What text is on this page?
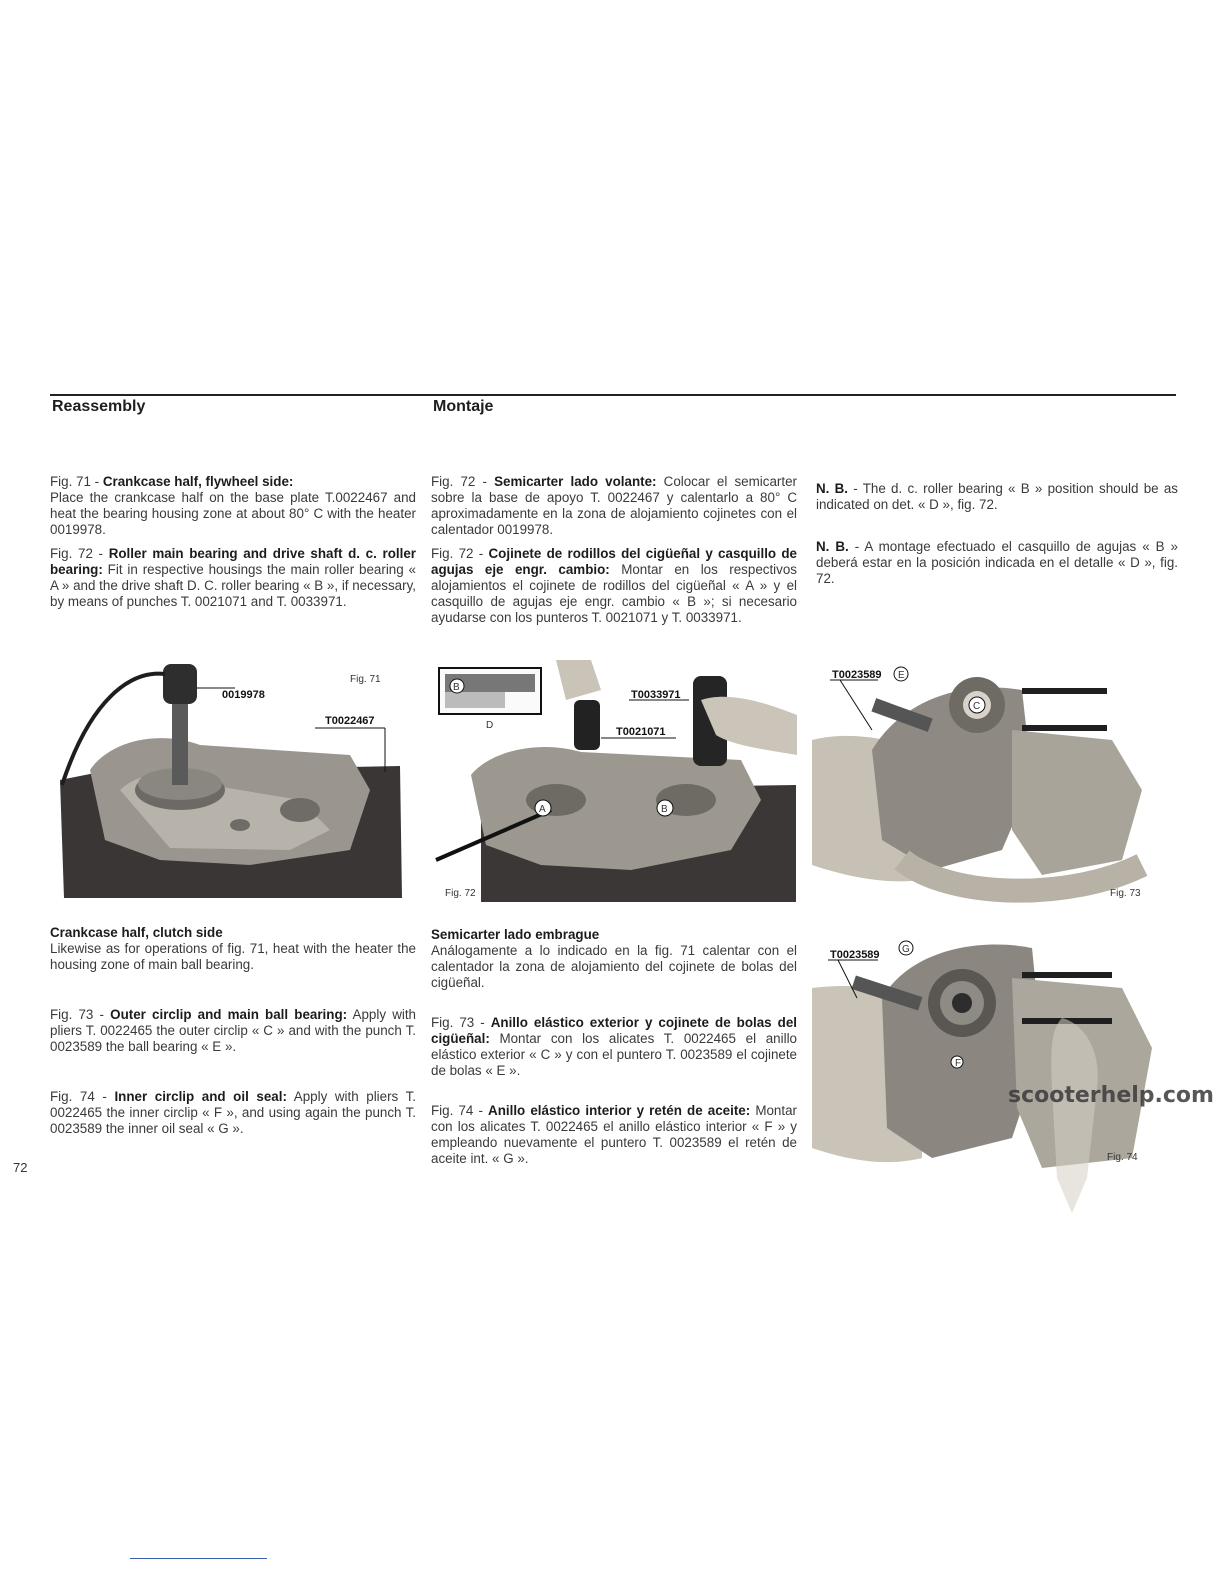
Reassembly	Montaje

Fig. 71 - Crankcase half, flywheel side:
Place the crankcase half on the base plate T.0022467 and heat the bearing housing zone at about 80° C with the heater 0019978.

Fig. 72 - Roller main bearing and drive shaft d. c. roller bearing: Fit in respective housings the main roller bearing « A » and the drive shaft D. C. roller bearing « B », if necessary, by means of punches T. 0021071 and T. 0033971.

Fig. 72 - Semicarter lado volante: Colocar el semicarter sobre la base de apoyo T. 0022467 y calentarlo a 80° C aproximadamente en la zona de alojamiento cojinetes con el calentador 0019978.

Fig. 72 - Cojinete de rodillos del cigüeñal y casquillo de agujas eje engr. cambio: Montar en los respectivos alojamientos el cojinete de rodillos del cigüeñal « A » y el casquillo de agujas eje engr. cambio « B »; si necesario ayudarse con los punteros T. 0021071 y T. 0033971.

N. B. - The d. c. roller bearing « B » position should be as indicated on det. « D », fig. 72.

N. B. - A montage efectuado el casquillo de agujas « B » deberá estar en la posición indicada en el detalle « D », fig. 72.

0019978
T0022467
Fig. 71
B
D
T0033971
T0021071
A	B
Fig. 72
T0023589 E
C
Fig. 73

Crankcase half, clutch side
Likewise as for operations of fig. 71, heat with the heater the housing zone of main ball bearing.

Fig. 73 - Outer circlip and main ball bearing: Apply with pliers T. 0022465 the outer circlip « C » and with the punch T. 0023589 the ball bearing « E ».

Fig. 74 - Inner circlip and oil seal: Apply with pliers T. 0022465 the inner circlip « F », and using again the punch T. 0023589 the inner oil seal « G ».

Semicarter lado embrague
Análogamente a lo indicado en la fig. 71 calentar con el calentador la zona de alojamiento del cojinete de bolas del cigüeñal.

Fig. 73 - Anillo elástico exterior y cojinete de bolas del cigüeñal: Montar con los alicates T. 0022465 el anillo elástico exterior « C » y con el puntero T. 0023589 el cojinete de bolas « E ».

Fig. 74 - Anillo elástico interior y retén de aceite: Montar con los alicates T. 0022465 el anillo elástico interior « F » y empleando nuevamente el puntero T. 0023589 el retén de aceite int. « G ».

T0023589 G
F
scooterhelp.com
Fig. 74

72
